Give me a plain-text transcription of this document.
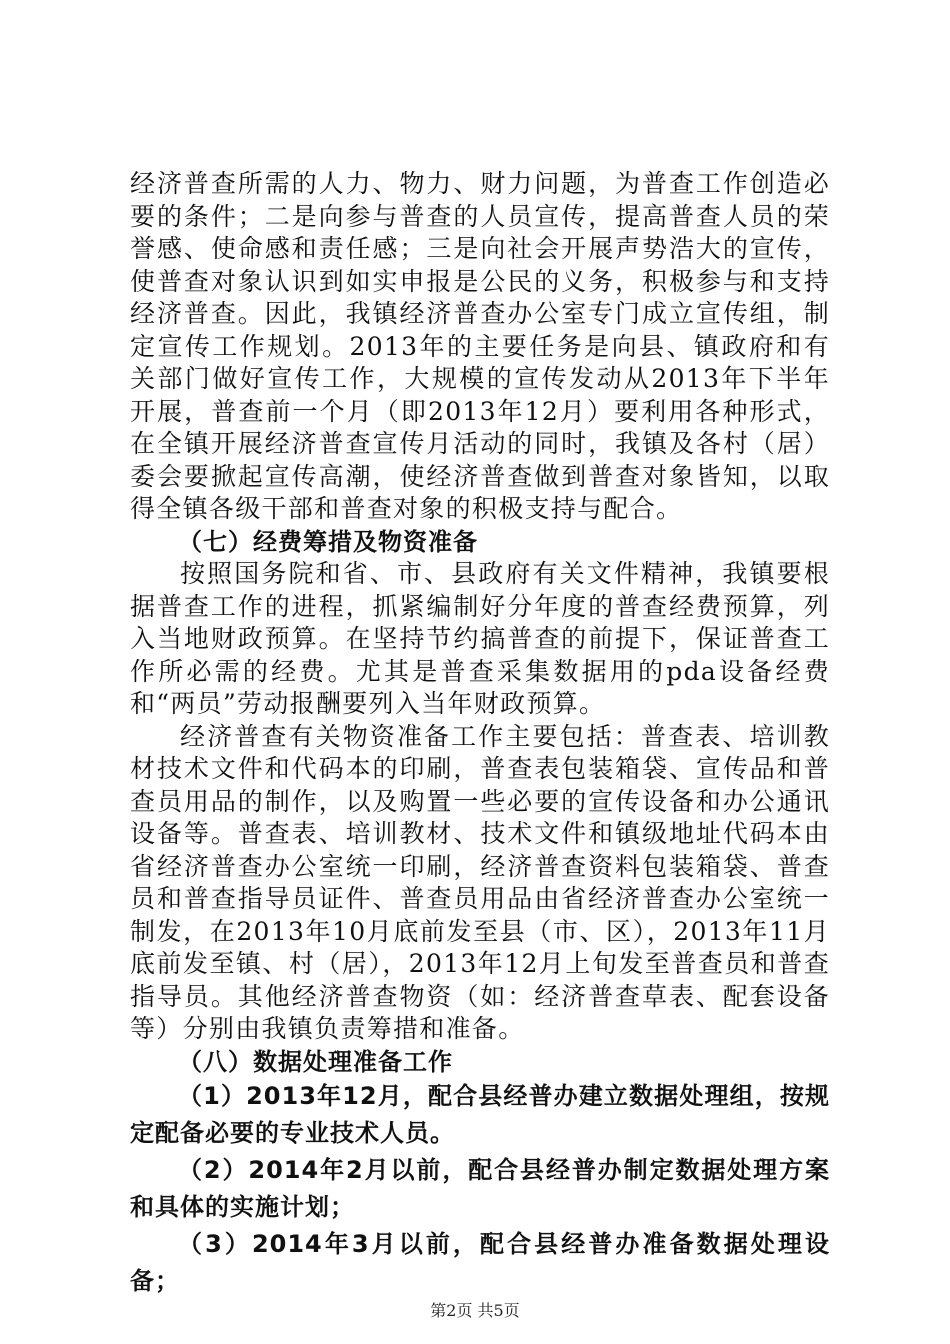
经济普查所需的人力、物力、财力问题，为普查工作创造必要的条件；二是向参与普查的人员宣传，提高普查人员的荣誉感、使命感和责任感；三是向社会开展声势浩大的宣传，使普查对象认识到如实申报是公民的义务，积极参与和支持经济普查。因此，我镇经济普查办公室专门成立宣传组，制定宣传工作规划。2013年的主要任务是向县、镇政府和有关部门做好宣传工作，大规模的宣传发动从2013年下半年开展，普查前一个月（即2013年12月）要利用各种形式，在全镇开展经济普查宣传月活动的同时，我镇及各村（居）委会要掀起宣传高潮，使经济普查做到普查对象皆知，以取得全镇各级干部和普查对象的积极支持与配合。

（七）经费筹措及物资准备

按照国务院和省、市、县政府有关文件精神，我镇要根据普查工作的进程，抓紧编制好分年度的普查经费预算，列入当地财政预算。在坚持节约搞普查的前提下，保证普查工作所必需的经费。尤其是普查采集数据用的pda设备经费和“两员”劳动报酬要列入当年财政预算。

经济普查有关物资准备工作主要包括：普查表、培训教材技术文件和代码本的印刷，普查表包装箱袋、宣传品和普查员用品的制作，以及购置一些必要的宣传设备和办公通讯设备等。普查表、培训教材、技术文件和镇级地址代码本由省经济普查办公室统一印刷，经济普查资料包装箱袋、普查员和普查指导员证件、普查员用品由省经济普查办公室统一制发，在2013年10月底前发至县（市、区），2013年11月底前发至镇、村（居），2013年12月上旬发至普查员和普查指导员。其他经济普查物资（如：经济普查草表、配套设备等）分别由我镇负责筹措和准备。

（八）数据处理准备工作

（1）2013年12月，配合县经普办建立数据处理组，按规定配备必要的专业技术人员。

（2）2014年2月以前，配合县经普办制定数据处理方案和具体的实施计划；

（3）2014年3月以前，配合县经普办准备数据处理设备；

第2页 共5页
